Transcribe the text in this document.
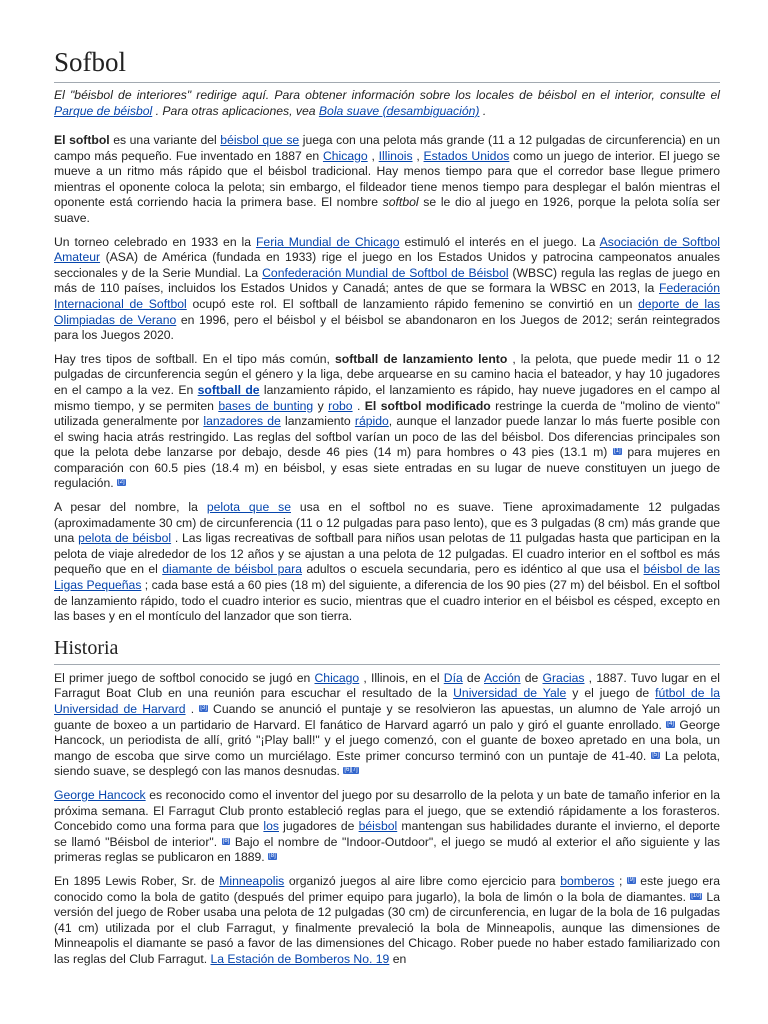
Sofbol
El "béisbol de interiores" redirige aquí. Para obtener información sobre los locales de béisbol en el interior, consulte el Parque de béisbol . Para otras aplicaciones, vea Bola suave (desambiguación) .

El softbol es una variante del béisbol que se juega con una pelota más grande (11 a 12 pulgadas de circunferencia) en un campo más pequeño. Fue inventado en 1887 en Chicago , Illinois , Estados Unidos como un juego de interior. El juego se mueve a un ritmo más rápido que el béisbol tradicional. Hay menos tiempo para que el corredor base llegue primero mientras el oponente coloca la pelota; sin embargo, el fildeador tiene menos tiempo para desplegar el balón mientras el oponente está corriendo hacia la primera base. El nombre softbol se le dio al juego en 1926, porque la pelota solía ser suave.

Un torneo celebrado en 1933 en la Feria Mundial de Chicago estimuló el interés en el juego. La Asociación de Softbol Amateur (ASA) de América (fundada en 1933) rige el juego en los Estados Unidos y patrocina campeonatos anuales seccionales y de la Serie Mundial. La Confederación Mundial de Softbol de Béisbol (WBSC) regula las reglas de juego en más de 110 países, incluidos los Estados Unidos y Canadá; antes de que se formara la WBSC en 2013, la Federación Internacional de Softbol ocupó este rol. El softball de lanzamiento rápido femenino se convirtió en un deporte de las Olimpiadas de Verano en 1996, pero el béisbol y el béisbol se abandonaron en los Juegos de 2012; serán reintegrados para los Juegos 2020.

Hay tres tipos de softball. En el tipo más común, softball de lanzamiento lento , la pelota, que puede medir 11 o 12 pulgadas de circunferencia según el género y la liga, debe arquearse en su camino hacia el bateador, y hay 10 jugadores en el campo a la vez. En softball de lanzamiento rápido, el lanzamiento es rápido, hay nueve jugadores en el campo al mismo tiempo, y se permiten bases de bunting y robo . El softbol modificado restringe la cuerda de "molino de viento" utilizada generalmente por lanzadores de lanzamiento rápido, aunque el lanzador puede lanzar lo más fuerte posible con el swing hacia atrás restringido. Las reglas del softbol varían un poco de las del béisbol. Dos diferencias principales son que la pelota debe lanzarse por debajo, desde 46 pies (14 m) para hombres o 43 pies (13.1 m) [1] para mujeres en comparación con 60.5 pies (18.4 m) en béisbol, y esas siete entradas en su lugar de nueve constituyen un juego de regulación. [2]

A pesar del nombre, la pelota que se usa en el softbol no es suave. Tiene aproximadamente 12 pulgadas (aproximadamente 30 cm) de circunferencia (11 o 12 pulgadas para paso lento), que es 3 pulgadas (8 cm) más grande que una pelota de béisbol . Las ligas recreativas de softball para niños usan pelotas de 11 pulgadas hasta que participan en la pelota de viaje alrededor de los 12 años y se ajustan a una pelota de 12 pulgadas. El cuadro interior en el softbol es más pequeño que en el diamante de béisbol para adultos o escuela secundaria, pero es idéntico al que usa el béisbol de las Ligas Pequeñas ; cada base está a 60 pies (18 m) del siguiente, a diferencia de los 90 pies (27 m) del béisbol. En el softbol de lanzamiento rápido, todo el cuadro interior es sucio, mientras que el cuadro interior en el béisbol es césped, excepto en las bases y en el montículo del lanzador que son tierra.

Historia

El primer juego de softbol conocido se jugó en Chicago , Illinois, en el Día de Acción de Gracias , 1887. Tuvo lugar en el Farragut Boat Club en una reunión para escuchar el resultado de la Universidad de Yale y el juego de fútbol de la Universidad de Harvard . [3] Cuando se anunció el puntaje y se resolvieron las apuestas, un alumno de Yale arrojó un guante de boxeo a un partidario de Harvard. El fanático de Harvard agarró un palo y giró el guante enrollado. [4] George Hancock, un periodista de allí, gritó "¡Play ball!" y el juego comenzó, con el guante de boxeo apretado en una bola, un mango de escoba que sirve como un murciélago. Este primer concurso terminó con un puntaje de 41-40. [5] La pelota, siendo suave, se desplegó con las manos desnudas. [6][7]

George Hancock es reconocido como el inventor del juego por su desarrollo de la pelota y un bate de tamaño inferior en la próxima semana. El Farragut Club pronto estableció reglas para el juego, que se extendió rápidamente a los forasteros. Concebido como una forma para que los jugadores de béisbol mantengan sus habilidades durante el invierno, el deporte se llamó "Béisbol de interior". [8] Bajo el nombre de "Indoor-Outdoor", el juego se mudó al exterior el año siguiente y las primeras reglas se publicaron en 1889. [8]

En 1895 Lewis Rober, Sr. de Minneapolis organizó juegos al aire libre como ejercicio para bomberos ; [9] este juego era conocido como la bola de gatito (después del primer equipo para jugarlo), la bola de limón o la bola de diamantes. [10] La versión del juego de Rober usaba una pelota de 12 pulgadas (30 cm) de circunferencia, en lugar de la bola de 16 pulgadas (41 cm) utilizada por el club Farragut, y finalmente prevaleció la bola de Minneapolis, aunque las dimensiones de Minneapolis el diamante se pasó a favor de las dimensiones del Chicago. Rober puede no haber estado familiarizado con las reglas del Club Farragut. La Estación de Bomberos No. 19 en
